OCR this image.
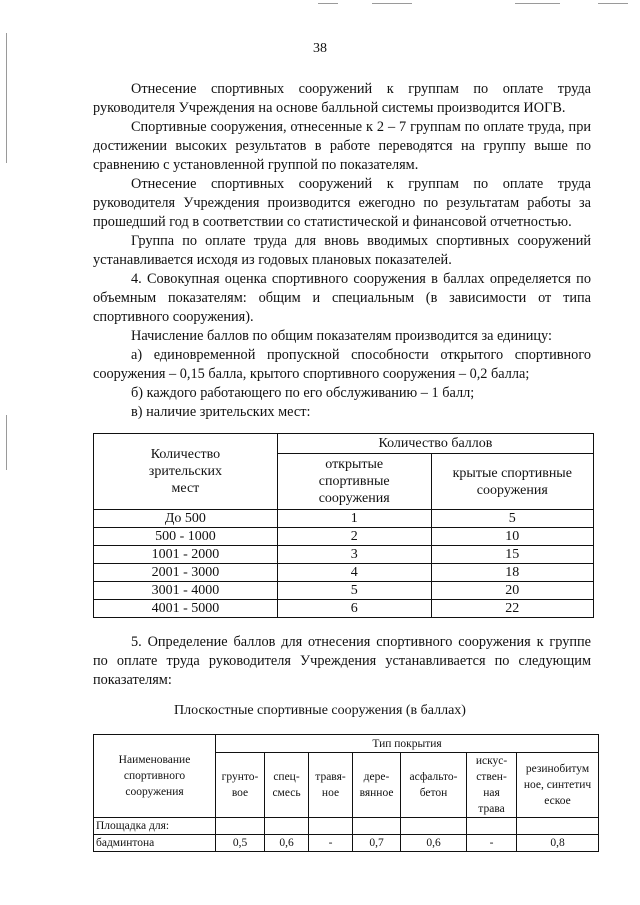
38

Отнесение спортивных сооружений к группам по оплате труда руководителя Учреждения на основе балльной системы производится ИОГВ.

Спортивные сооружения, отнесенные к 2 – 7 группам по оплате труда, при достижении высоких результатов в работе переводятся на группу выше по сравнению с установленной группой по показателям.

Отнесение спортивных сооружений к группам по оплате труда руководителя Учреждения производится ежегодно по результатам работы за прошедший год в соответствии со статистической и финансовой отчетностью.

Группа по оплате труда для вновь вводимых спортивных сооружений устанавливается исходя из годовых плановых показателей.

4. Совокупная оценка спортивного сооружения в баллах определяется по объемным показателям: общим и специальным (в зависимости от типа спортивного сооружения).

Начисление баллов по общим показателям производится за единицу:

а) единовременной пропускной способности открытого спортивного сооружения – 0,15 балла, крытого спортивного сооружения – 0,2 балла;

б) каждого работающего по его обслуживанию – 1 балл;

в) наличие зрительских мест:

Количество зрительских мест	Количество баллов	
	открытые спортивные сооружения	крытые спортивные сооружения
До 500	1	5
500 - 1000	2	10
1001 - 2000	3	15
2001 - 3000	4	18
3001 - 4000	5	20
4001 - 5000	6	22

5. Определение баллов для отнесения спортивного сооружения к группе по оплате труда руководителя Учреждения устанавливается по следующим показателям:

Плоскостные спортивные сооружения (в баллах)
Наименование спортивного сооружения	Тип покрытия						
	грунто-вое	спец-смесь	травя-ное	дере-вянное	асфальто-бетон	искус-ствен-ная трава	резинобитумное, синтетическое
Площадка для:							
бадминтона	0,5	0,6	-	0,7	0,6	-	0,8
